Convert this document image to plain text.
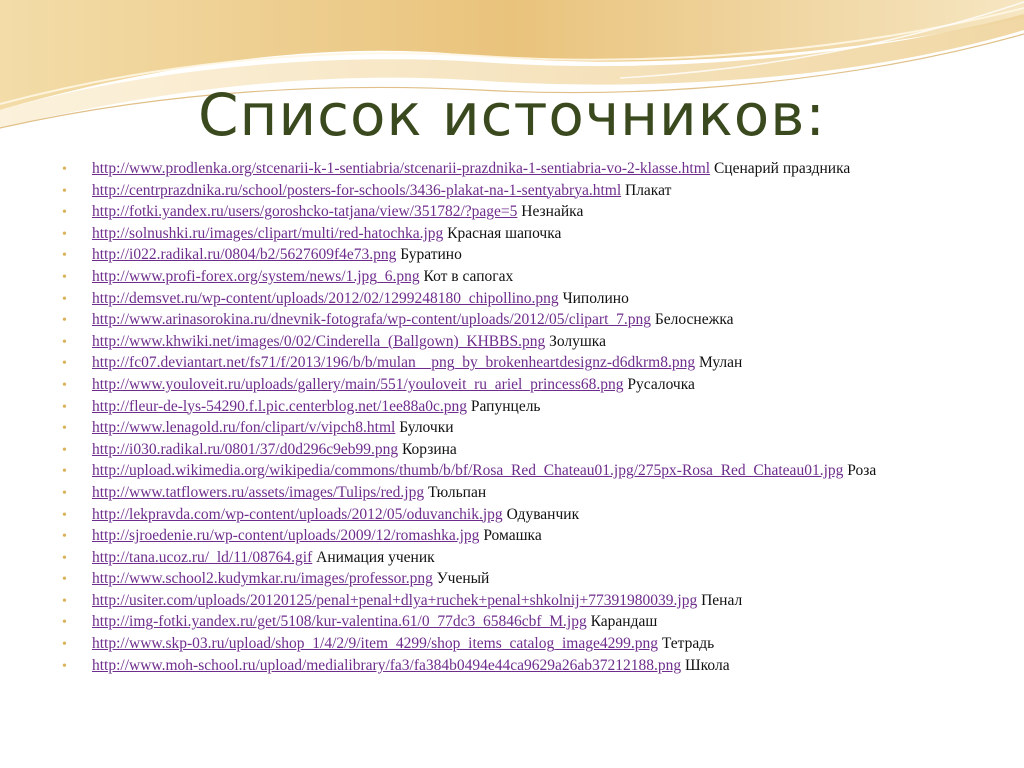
Список источников:
• http://www.prodlenka.org/stcenarii-k-1-sentiabria/stcenarii-prazdnika-1-sentiabria-vo-2-klasse.html Сценарий праздника
• http://centrprazdnika.ru/school/posters-for-schools/3436-plakat-na-1-sentyabrya.html Плакат
• http://fotki.yandex.ru/users/goroshcko-tatjana/view/351782/?page=5 Незнайка
• http://solnushki.ru/images/clipart/multi/red-hatochka.jpg Красная шапочка
• http://i022.radikal.ru/0804/b2/5627609f4e73.png Буратино
• http://www.profi-forex.org/system/news/1.jpg_6.png Кот в сапогах
• http://demsvet.ru/wp-content/uploads/2012/02/1299248180_chipollino.png Чиполино
• http://www.arinasorokina.ru/dnevnik-fotografa/wp-content/uploads/2012/05/clipart_7.png Белоснежка
• http://www.khwiki.net/images/0/02/Cinderella_(Ballgown)_KHBBS.png Золушка
• http://fc07.deviantart.net/fs71/f/2013/196/b/b/mulan__png_by_brokenheartdesignz-d6dkrm8.png Мулан
• http://www.youloveit.ru/uploads/gallery/main/551/youloveit_ru_ariel_princess68.png Русалочка
• http://fleur-de-lys-54290.f.l.pic.centerblog.net/1ee88a0c.png Рапунцель
• http://www.lenagold.ru/fon/clipart/v/vipch8.html Булочки
• http://i030.radikal.ru/0801/37/d0d296c9eb99.png Корзина
• http://upload.wikimedia.org/wikipedia/commons/thumb/b/bf/Rosa_Red_Chateau01.jpg/275px-Rosa_Red_Chateau01.jpg Роза
• http://www.tatflowers.ru/assets/images/Tulips/red.jpg Тюльпан
• http://lekpravda.com/wp-content/uploads/2012/05/oduvanchik.jpg Одуванчик
• http://sjroedenie.ru/wp-content/uploads/2009/12/romashka.jpg Ромашка
• http://tana.ucoz.ru/_ld/11/08764.gif Анимация ученик
• http://www.school2.kudymkar.ru/images/professor.png Ученый
• http://usiter.com/uploads/20120125/penal+penal+dlya+ruchek+penal+shkolnij+77391980039.jpg Пенал
• http://img-fotki.yandex.ru/get/5108/kur-valentina.61/0_77dc3_65846cbf_M.jpg Карандаш
• http://www.skp-03.ru/upload/shop_1/4/2/9/item_4299/shop_items_catalog_image4299.png Тетрадь
• http://www.moh-school.ru/upload/medialibrary/fa3/fa384b0494e44ca9629a26ab37212188.png Школа
